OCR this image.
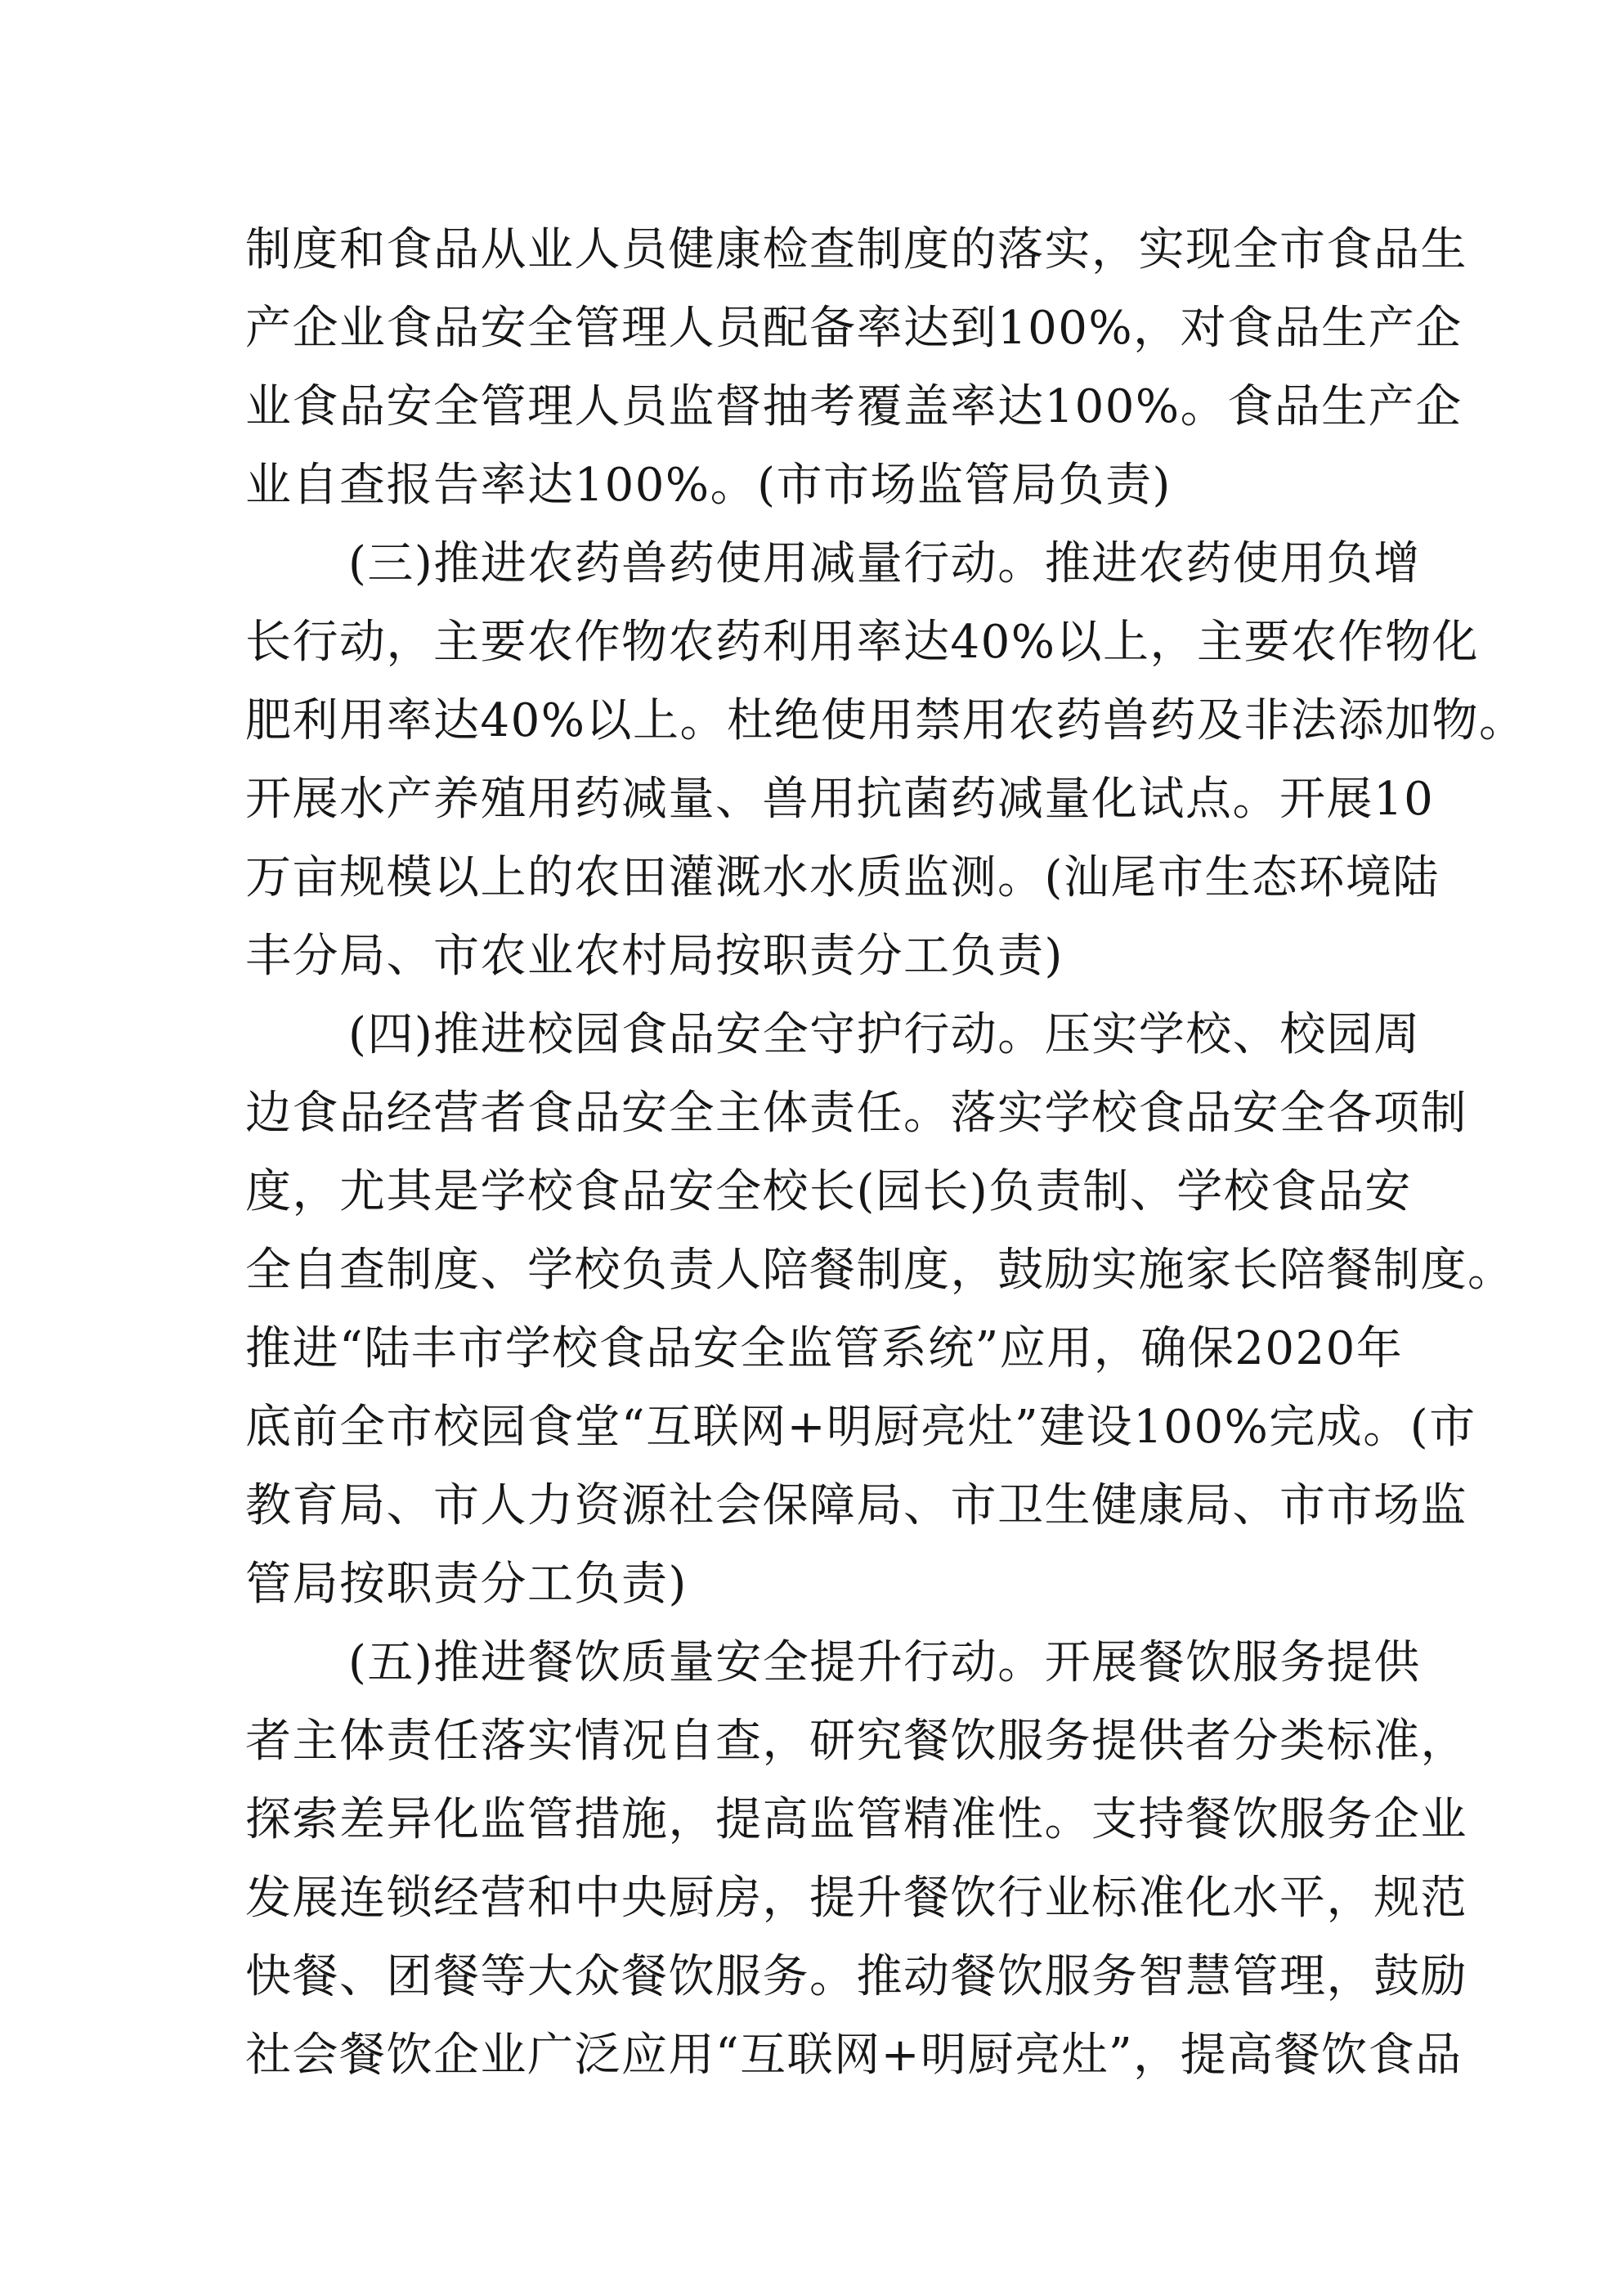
制度和食品从业人员健康检查制度的落实，实现全市食品生
产企业食品安全管理人员配备率达到100%，对食品生产企
业食品安全管理人员监督抽考覆盖率达100%。食品生产企
业自查报告率达100%。(市市场监管局负责)
(三)推进农药兽药使用减量行动。推进农药使用负增
长行动，主要农作物农药利用率达40%以上，主要农作物化
肥利用率达40%以上。杜绝使用禁用农药兽药及非法添加物。
开展水产养殖用药减量、兽用抗菌药减量化试点。开展10
万亩规模以上的农田灌溉水水质监测。(汕尾市生态环境陆
丰分局、市农业农村局按职责分工负责)
(四)推进校园食品安全守护行动。压实学校、校园周
边食品经营者食品安全主体责任。落实学校食品安全各项制
度，尤其是学校食品安全校长(园长)负责制、学校食品安
全自查制度、学校负责人陪餐制度，鼓励实施家长陪餐制度。
推进“陆丰市学校食品安全监管系统”应用，确保2020年
底前全市校园食堂“互联网+明厨亮灶”建设100%完成。(市
教育局、市人力资源社会保障局、市卫生健康局、市市场监
管局按职责分工负责)
(五)推进餐饮质量安全提升行动。开展餐饮服务提供
者主体责任落实情况自查，研究餐饮服务提供者分类标准，
探索差异化监管措施，提高监管精准性。支持餐饮服务企业
发展连锁经营和中央厨房，提升餐饮行业标准化水平，规范
快餐、团餐等大众餐饮服务。推动餐饮服务智慧管理，鼓励
社会餐饮企业广泛应用“互联网+明厨亮灶”，提高餐饮食品
